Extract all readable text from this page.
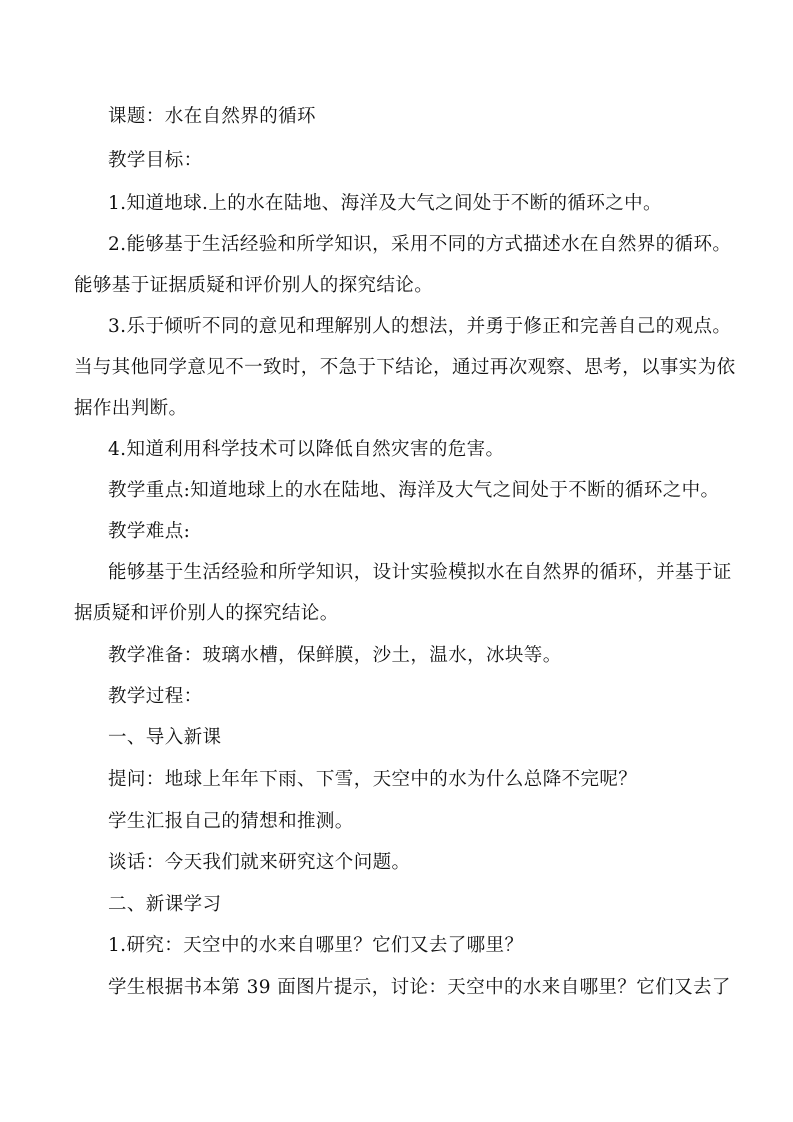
课题：水在自然界的循环
教学目标：
1.知道地球.上的水在陆地、海洋及大气之间处于不断的循环之中。
2.能够基于生活经验和所学知识，采用不同的方式描述水在自然界的循环。
能够基于证据质疑和评价别人的探究结论。
3.乐于倾听不同的意见和理解别人的想法，并勇于修正和完善自己的观点。
当与其他同学意见不一致时，不急于下结论，通过再次观察、思考，以事实为依
据作出判断。
4.知道利用科学技术可以降低自然灾害的危害。
教学重点:知道地球上的水在陆地、海洋及大气之间处于不断的循环之中。
教学难点:
能够基于生活经验和所学知识，设计实验模拟水在自然界的循环，并基于证
据质疑和评价别人的探究结论。
教学准备：玻璃水槽，保鲜膜，沙土，温水，冰块等。
教学过程：
一、导入新课
提问：地球上年年下雨、下雪，天空中的水为什么总降不完呢？
学生汇报自己的猜想和推测。
谈话：今天我们就来研究这个问题。
二、新课学习
1.研究：天空中的水来自哪里？它们又去了哪里？
学生根据书本第 39 面图片提示，讨论：天空中的水来自哪里？它们又去了
